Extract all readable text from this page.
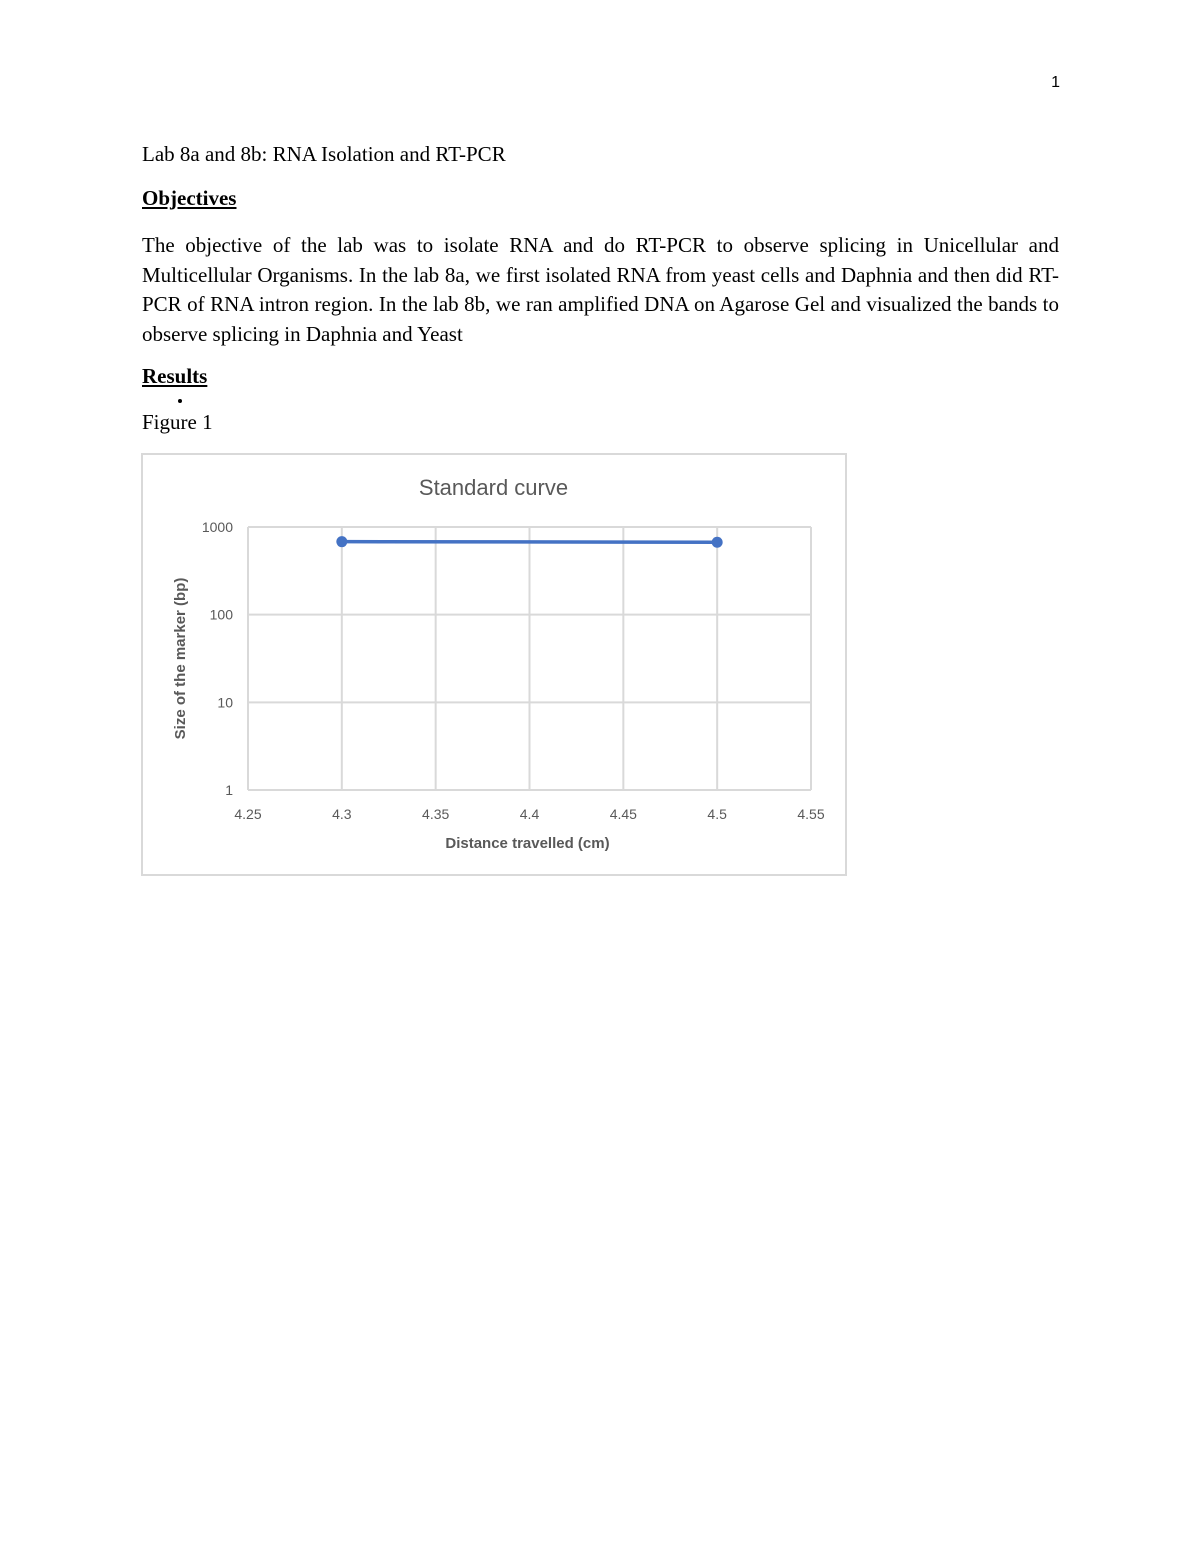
1
Lab 8a and 8b: RNA Isolation and RT-PCR
Objectives
The objective of the lab was to isolate RNA and do RT-PCR to observe splicing in Unicellular and Multicellular Organisms. In the lab 8a, we first isolated RNA from yeast cells and Daphnia and then did RT-PCR of RNA intron region. In the lab 8b, we ran amplified DNA on Agarose Gel and visualized the bands to observe splicing in Daphnia and Yeast
Results
Figure 1
Standard curve
4.25	4.3	4.35	4.4	4.45	4.5	4.55
1
10
100
1000
Distance travelled (cm)
Size of the marker (bp)
